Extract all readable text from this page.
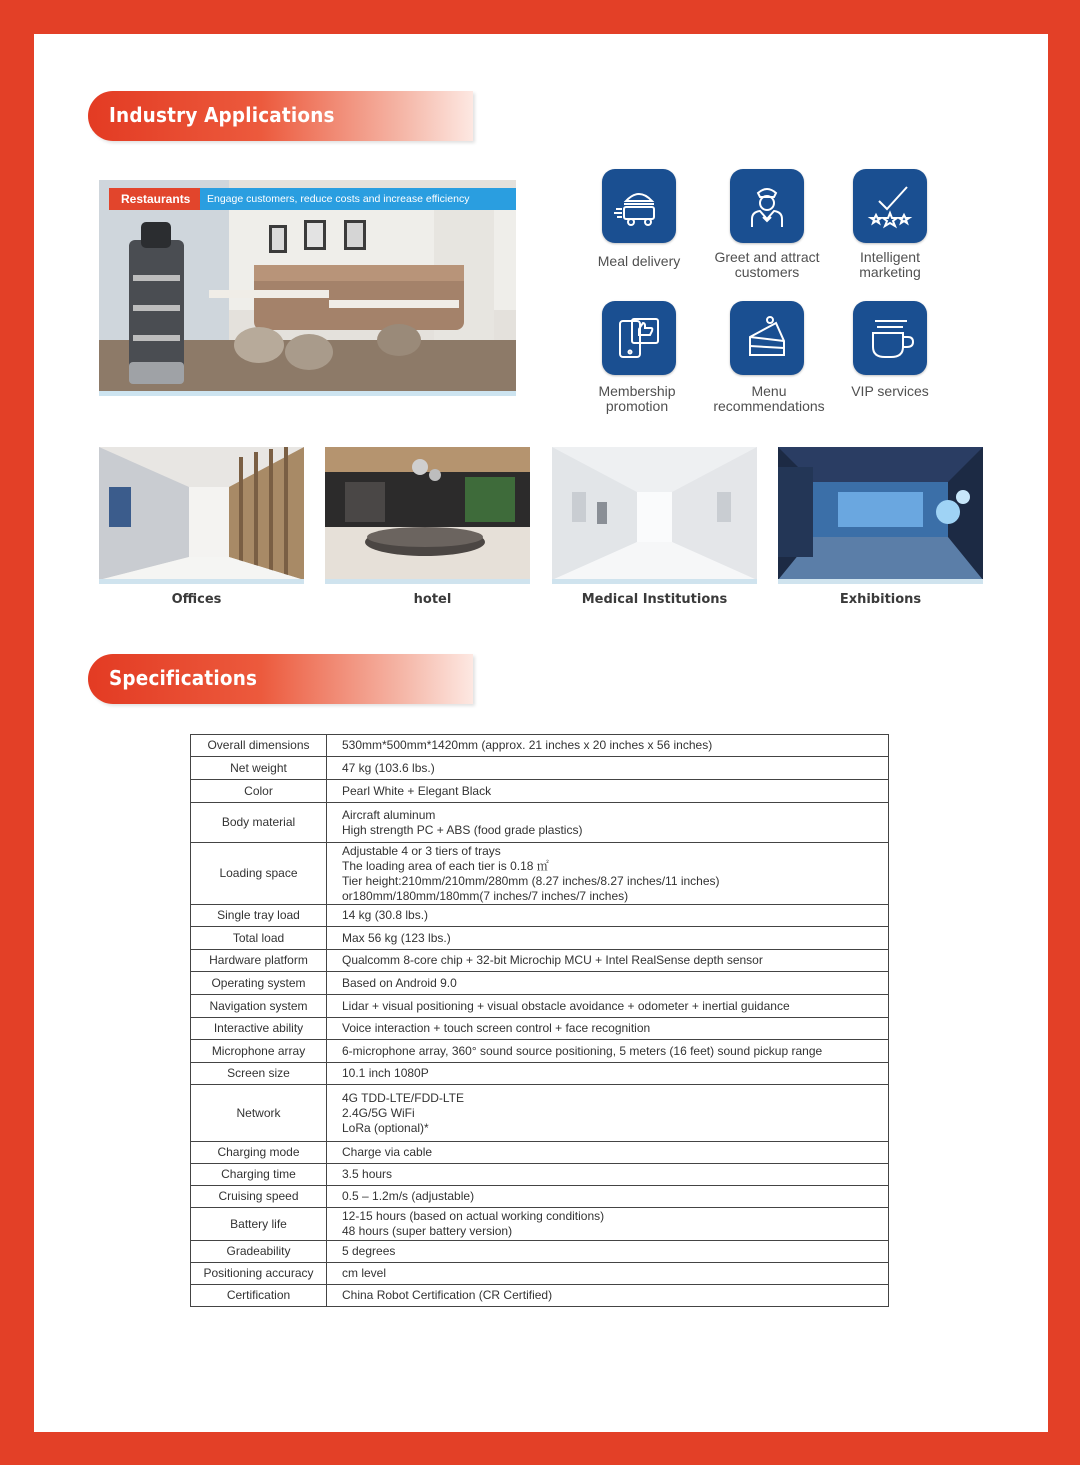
Industry Applications
Restaurants	Engage customers, reduce costs and increase efficiency
Meal delivery	Greet and attract customers
Intelligent marketing
Membership promotion
Menu recommendations
VIP services
Offices	hotel	Medical Institutions	Exhibitions
Specifications
Overall dimensions	530mm*500mm*1420mm (approx. 21 inches x 20 inches x 56 inches)

Net weight	47 kg (103.6 lbs.)

Color	Pearl White + Elegant Black

Body material	Aircraft aluminum
High strength PC + ABS (food grade plastics)

Loading space	Adjustable 4 or 3 tiers of trays
The loading area of each tier is 0.18 ㎡
Tier height:210mm/210mm/280mm (8.27 inches/8.27 inches/11 inches)
or180mm/180mm/180mm(7 inches/7 inches/7 inches)

Single tray load	14 kg (30.8 lbs.)

Total load	Max 56 kg (123 lbs.)

Hardware platform	Qualcomm 8-core chip + 32-bit Microchip MCU + Intel RealSense depth sensor

Operating system	Based on Android 9.0

Navigation system	Lidar + visual positioning + visual obstacle avoidance + odometer + inertial guidance

Interactive ability	Voice interaction + touch screen control + face recognition

Microphone array	6-microphone array, 360° sound source positioning, 5 meters (16 feet) sound pickup range

Screen size	10.1 inch 1080P

Network	4G TDD-LTE/FDD-LTE
2.4G/5G WiFi
LoRa (optional)*

Charging mode	Charge via cable

Charging time	3.5 hours

Cruising speed	0.5 – 1.2m/s (adjustable)

Battery life	12-15 hours (based on actual working conditions)
48 hours (super battery version)

Gradeability	5 degrees

Positioning accuracy	cm level

Certification	China Robot Certification (CR Certified)
